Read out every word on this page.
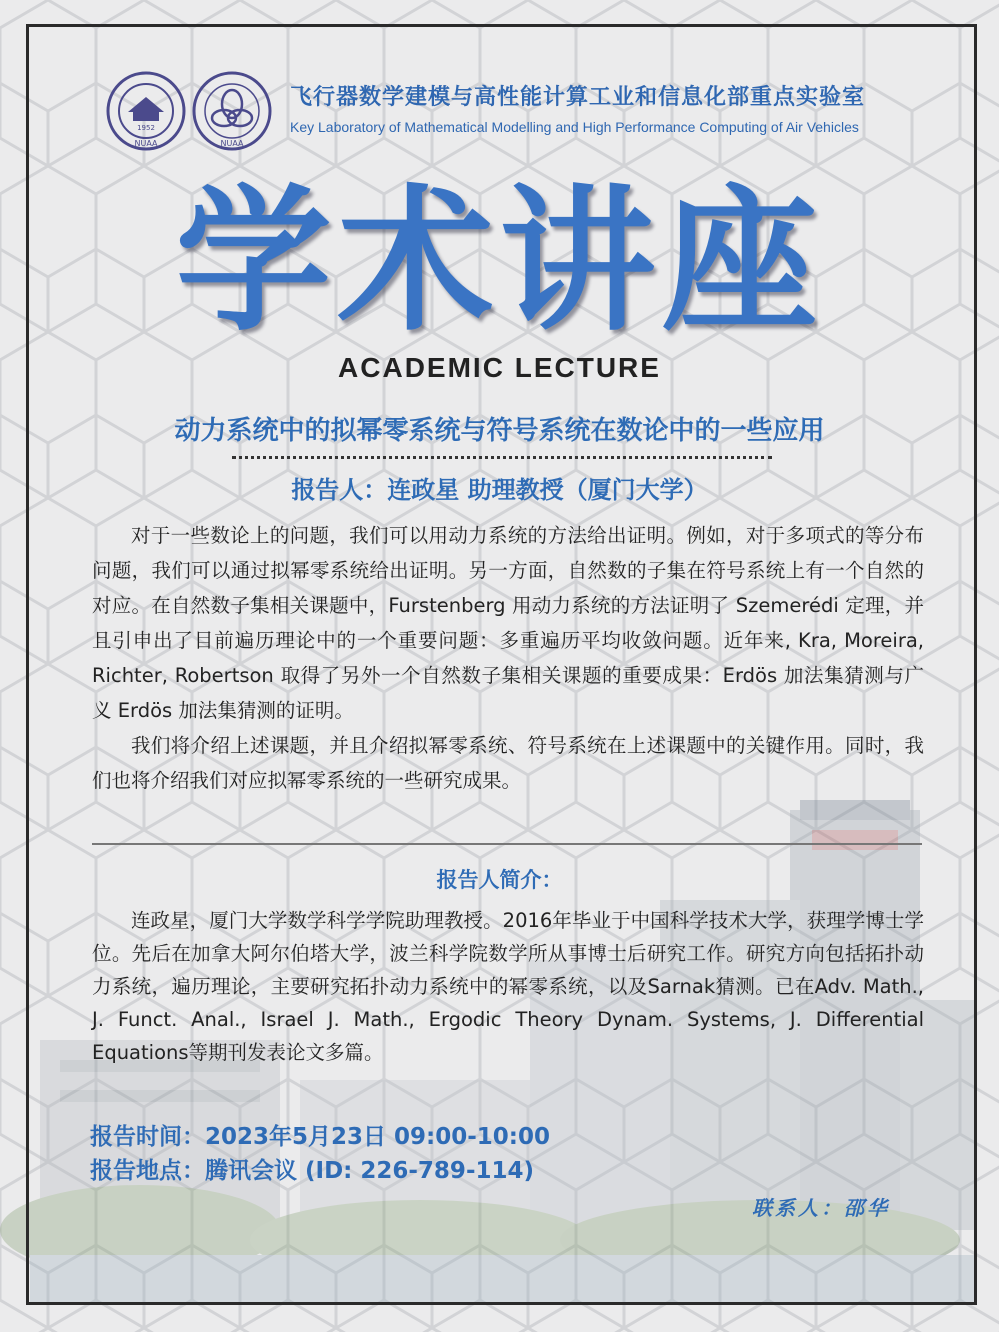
1952
NUAA	NUAA
飞行器数学建模与高性能计算工业和信息化部重点实验室
Key Laboratory of Mathematical Modelling and High Performance Computing of Air Vehicles
学术讲座
ACADEMIC LECTURE
动力系统中的拟幂零系统与符号系统在数论中的一些应用
报告人：连政星 助理教授（厦门大学）

对于一些数论上的问题，我们可以用动力系统的方法给出证明。例如，对于多项式的等分布问题，我们可以通过拟幂零系统给出证明。另一方面，自然数的子集在符号系统上有一个自然的对应。在自然数子集相关课题中，Furstenberg 用动力系统的方法证明了 Szemerédi 定理，并且引申出了目前遍历理论中的一个重要问题：多重遍历平均收敛问题。近年来, Kra, Moreira, Richter, Robertson 取得了另外一个自然数子集相关课题的重要成果：Erdös 加法集猜测与广义 Erdös 加法集猜测的证明。

我们将介绍上述课题，并且介绍拟幂零系统、符号系统在上述课题中的关键作用。同时，我们也将介绍我们对应拟幂零系统的一些研究成果。

报告人简介：

连政星，厦门大学数学科学学院助理教授。2016年毕业于中国科学技术大学，获理学博士学位。先后在加拿大阿尔伯塔大学，波兰科学院数学所从事博士后研究工作。研究方向包括拓扑动力系统，遍历理论，主要研究拓扑动力系统中的幂零系统，以及Sarnak猜测。已在Adv. Math., J. Funct. Anal., Israel J. Math., Ergodic Theory Dynam. Systems, J. Differential Equations等期刊发表论文多篇。

报告时间：2023年5月23日 09:00-10:00
报告地点：腾讯会议 (ID: 226-789-114)
联系人：邵华
